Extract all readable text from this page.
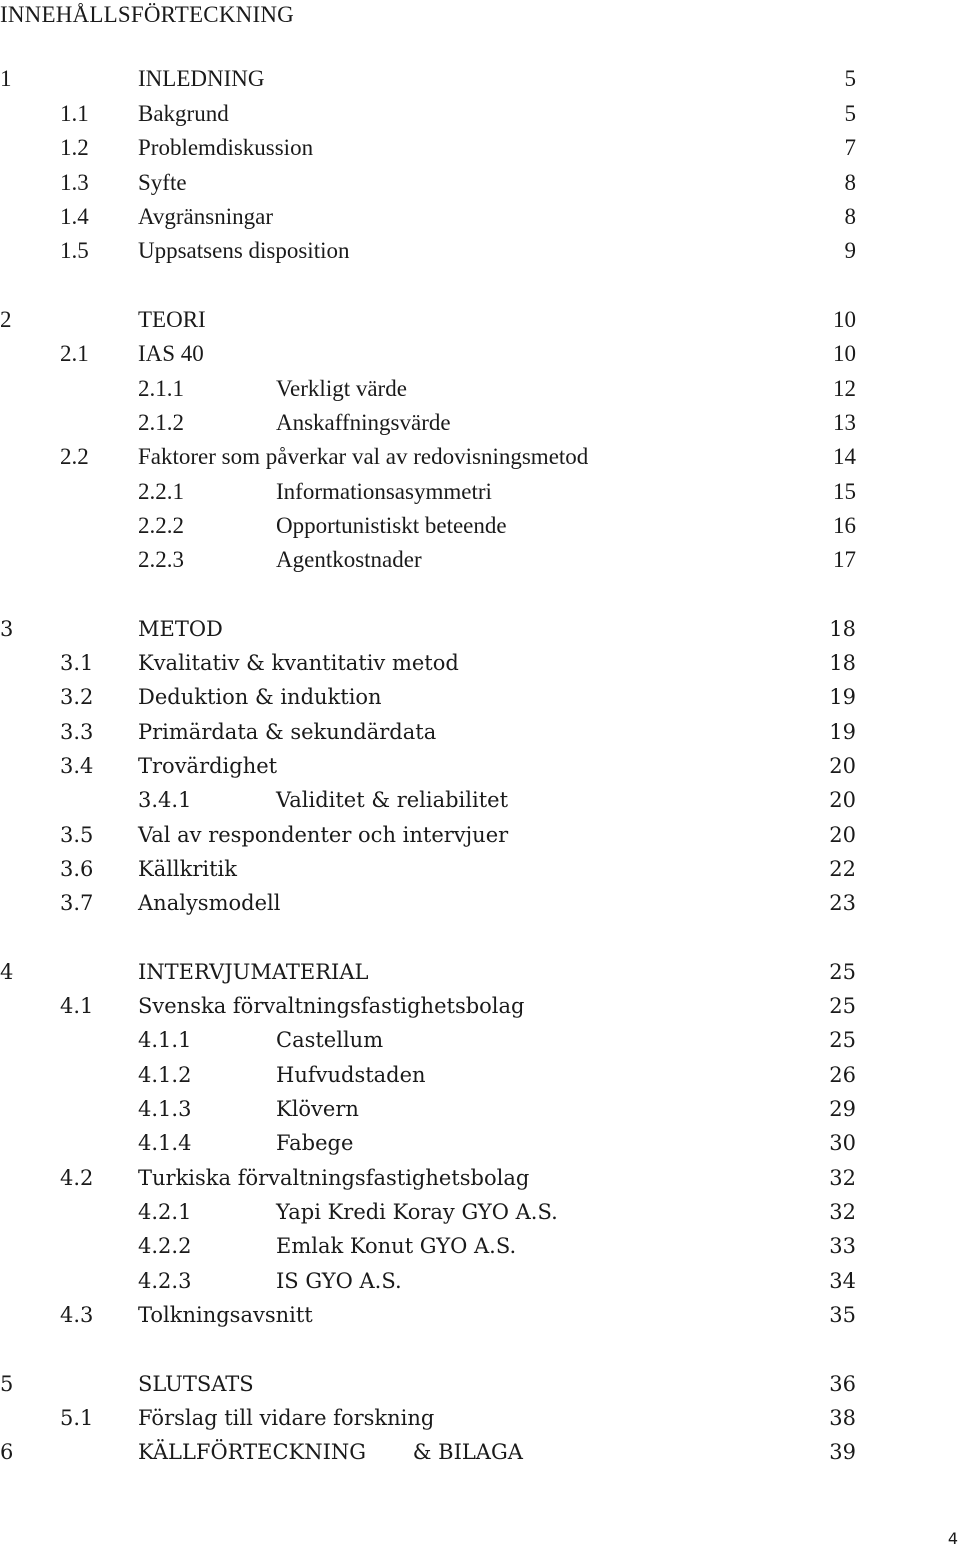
INNEHÅLLSFÖRTECKNING
1	INLEDNING	5
1.1 Bakgrund	5
1.2 Problemdiskussion	7
1.3 Syfte	8
1.4 Avgränsningar	8
1.5 Uppsatsens disposition	9
2	TEORI	10
2.1 IAS 40	10
2.1.1	Verkligt värde	12
2.1.2	Anskaffningsvärde	13
2.2 Faktorer som påverkar val av redovisningsmetod	14
2.2.1	Informationsasymmetri	15
2.2.2	Opportunistiskt beteende	16
2.2.3	Agentkostnader	17
3	METOD	18
3.1 Kvalitativ & kvantitativ metod	18
3.2 Deduktion & induktion	19
3.3 Primärdata & sekundärdata	19
3.4 Trovärdighet	20
3.4.1	Validitet & reliabilitet	20
3.5 Val av respondenter och intervjuer	20
3.6 Källkritik	22
3.7 Analysmodell	23
4	INTERVJUMATERIAL	25
4.1 Svenska förvaltningsfastighetsbolag	25
4.1.1	Castellum	25
4.1.2	Hufvudstaden	26
4.1.3	Klövern	29
4.1.4	Fabege	30
4.2 Turkiska förvaltningsfastighetsbolag	32
4.2.1	Yapi Kredi Koray GYO A.S.	32
4.2.2	Emlak Konut GYO A.S.	33
4.2.3	IS GYO A.S.	34
4.3 Tolkningsavsnitt	35
5	SLUTSATS	36
5.1 Förslag till vidare forskning	38
6	KÄLLFÖRTECKNING       & BILAGA	39
4
